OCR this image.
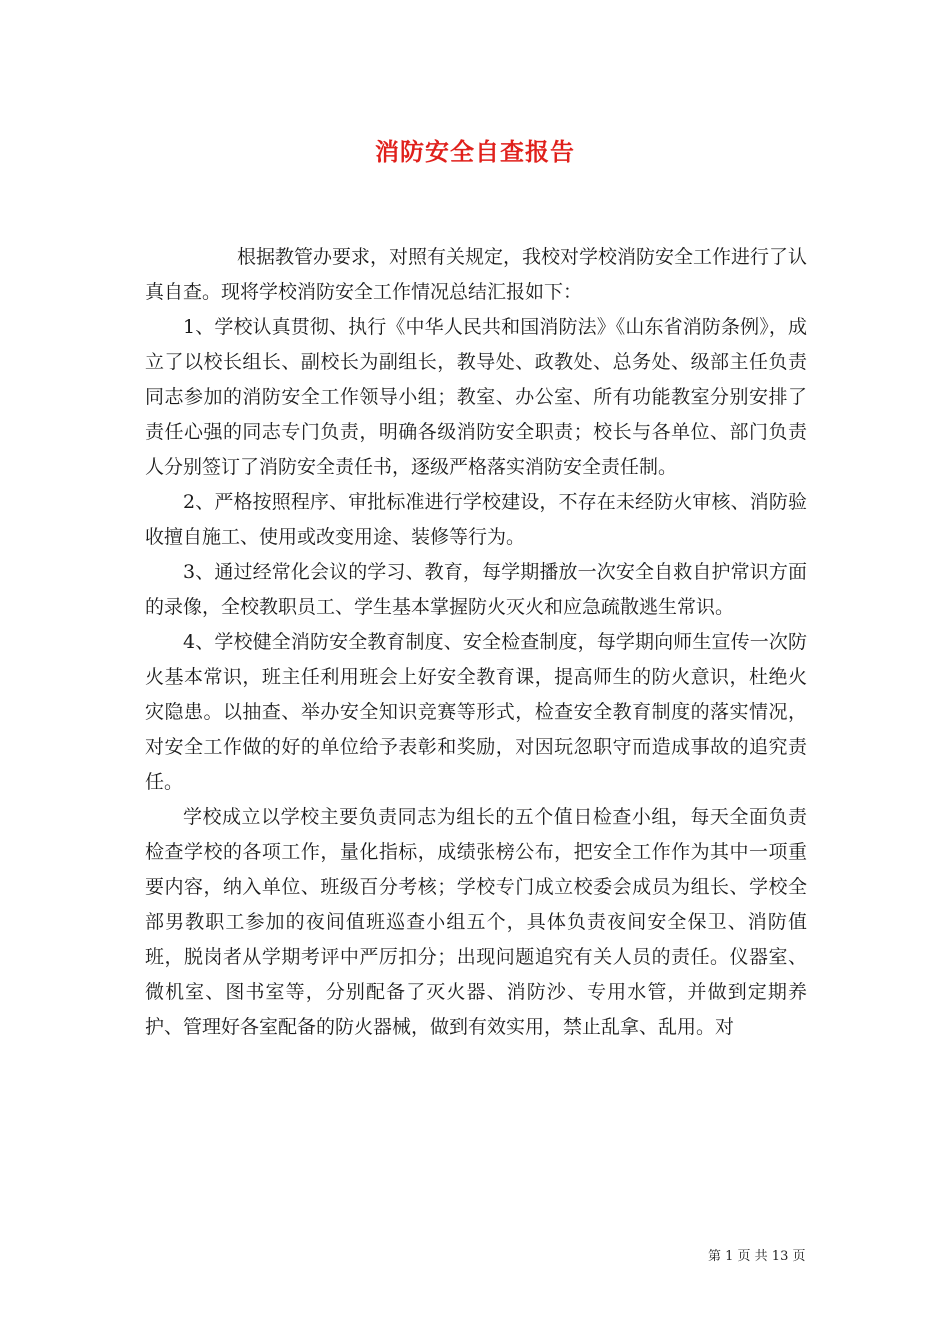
消防安全自查报告

根据教管办要求，对照有关规定，我校对学校消防安全工作进行了认真自查。现将学校消防安全工作情况总结汇报如下：

1、学校认真贯彻、执行《中华人民共和国消防法》《山东省消防条例》，成立了以校长组长、副校长为副组长，教导处、政教处、总务处、级部主任负责同志参加的消防安全工作领导小组；教室、办公室、所有功能教室分别安排了责任心强的同志专门负责，明确各级消防安全职责；校长与各单位、部门负责人分别签订了消防安全责任书，逐级严格落实消防安全责任制。

2、严格按照程序、审批标准进行学校建设，不存在未经防火审核、消防验收擅自施工、使用或改变用途、装修等行为。

3、通过经常化会议的学习、教育，每学期播放一次安全自救自护常识方面的录像，全校教职员工、学生基本掌握防火灭火和应急疏散逃生常识。

4、学校健全消防安全教育制度、安全检查制度，每学期向师生宣传一次防火基本常识，班主任利用班会上好安全教育课，提高师生的防火意识，杜绝火灾隐患。以抽查、举办安全知识竞赛等形式，检查安全教育制度的落实情况，对安全工作做的好的单位给予表彰和奖励，对因玩忽职守而造成事故的追究责任。

学校成立以学校主要负责同志为组长的五个值日检查小组，每天全面负责检查学校的各项工作，量化指标，成绩张榜公布，把安全工作作为其中一项重要内容，纳入单位、班级百分考核；学校专门成立校委会成员为组长、学校全部男教职工参加的夜间值班巡查小组五个，具体负责夜间安全保卫、消防值班，脱岗者从学期考评中严厉扣分；出现问题追究有关人员的责任。仪器室、微机室、图书室等，分别配备了灭火器、消防沙、专用水管，并做到定期养护、管理好各室配备的防火器械，做到有效实用，禁止乱拿、乱用。对

第 1 页 共 13 页
